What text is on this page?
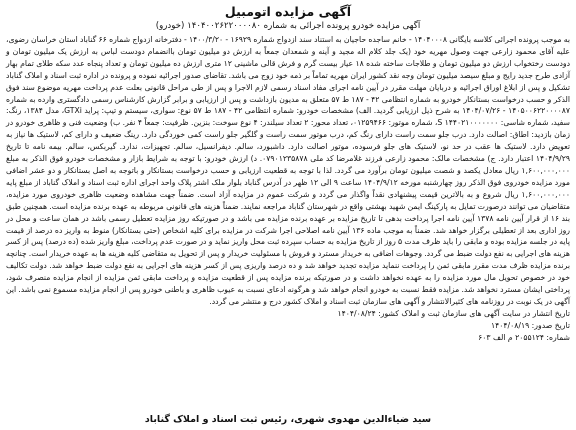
آگهی مزایده اتومبیل

آگهی مزایده خودرو پرونده اجرائی به شماره ۱۴۰۴۰۰۲۶۲۲۰۰۰۰۸۰ (خودرو)

به موجب پرونده اجرائی کلاسه بایگانی ۱۴۰۴۰۰۰۸ - خانم ساجده حاجیان به استناد سند ازدواج شماره ۱۶۹۲۹ - ۱۴۰۰/۳/۲۰ - دفترخانه ازدواج شماره ۶۶ گناباد استان خراسان رضوی، علیه آقای محمود زارعی جهت وصول مهریه خود (یک جلد کلام اله مجید و آینه و شمعدان جمعاً به ارزش دو میلیون تومان باانضمام دودست لباس به ارزش یک میلیون تومان و دودست رختخواب ارزش دو میلیون تومان و طلاجات ساخته شده ۱۸ عیار بیست گرم و فرش قالی ماشینی ۱۲ متری ارزش ده میلیون تومان و تعداد پنجاه عدد سکه طلای تمام بهار آزادی طرح جدید رایج و مبلغ سیصد میلیون تومان وجه نقد کشور ایران مهریه تماماً بر ذمه خود زوج می باشد. تقاضای صدور اجرائیه نموده و پرونده در اداره ثبت اسناد و املاک گناباد تشکیل و پس از ابلاغ اوراق اجرائیه و دربایان مهلت مقرر در آیین نامه اجرای مفاد اسناد رسمی لازم الاجرا و پس از طی مراحل قانونی بعلت عدم پرداخت مهریه موضوع سند فوق الذکر و حسب درخواست بستانکار خودرو به شماره انتظامی ۴۲ - ۱۸۷ ط ۵۷ متعلق به مدیون بازداشت و پس از ارزیابی و برابر گزارش کارشناس رسمی دادگستری وارده به شماره ۱۴۰۵۰۰۶۲۲۰۰۰۰۸۷ - ۱۴۰۴/۰۷/۲۶ به شرح ذیل ارزیابی گردید. الف) مشخصات خودرو: شماره انتظامی ۴۲ - ۱۸۷ ط ۵۷ نوع: سواری، سیستم و تیپ: پراید GTXi، مدل ۱۳۸۴، رنگ: سفید، شماره شاسی: ۱۴۴۰۲۱۰۰۰۰۰۰۰ S، شماره موتور: ۰۱۲۵۹۴۶۶، تعداد محور: ۲ تعداد سیلندر: ۴ نوع سوخت: بنزین. ظرفیت: جمعاً ۴ نفر. ب) وضعیت فنی و ظاهری خودرو در زمان بازدید: اطاق: اصالت دارد. درب جلو سمت راست دارای رنگ کم، درب موتور سمت راست و گلگیر جلو راست کمی خوردگی دارد. رینگ ضعیف و دارای کم، لاستیک ها نیاز به تعویض دارد. لاستیک ها عقب در حد نو، لاستیک های جلو فرسوده، موتور اصالت دارد. داشبورد، سالم. دیفرانسیل، سالم. تجهیزات، ندارد. گیربکس، سالم. بیمه نامه تا تاریخ ۱۴۰۴/۹/۲۹ اعتبار دارد. ج) مشخصات مالک: محمود زارعی فرزند غلامرضا کد ملی ۰۷۹۰۱۲۳۵۸۷۸. د) ارزش خودرو: با توجه به شرایط بازار و مشخصات خودرو فوق الذکر به مبلغ ۱,۶۰۰,۰۰۰,۰۰۰ ریال معادل یکصد و شصت میلیون تومان برآورد می گردد. لذا با توجه به قطعیت ارزیابی و حسب درخواست بستانکار و باتوجه به اصل بستانکار و دو عشر اضافی مورد مزایده خودروی فوق الذکر روز چهارشنبه مورخه ۱۴۰۴/۹/۱۲ ساعت ۹ الی ۱۲ ظهر در آدرس گناباد بلوار ملک اشتر پلاک واحد اجرای اداره ثبت اسناد و املاک گناباد از مبلغ پایه ۱,۶۰۰,۰۰۰,۰۰۰ ریال شروع و به بالاترین قیمت پیشنهادی نقداً واگذار می گردد و شرکت عموم در مزایده آزاد است. ضمناً جهت مشاهده وضعیت ظاهری خودروی مورد مزایده، متقاضیان می توانند درصورت تمایل به پارکینگ ایمن شهید بهشتی واقع در شهرستان گناباد مراجعه نمایند. ضمناً هزینه های قانونی مربوطه به عهده برنده مزایده است. همچنین طبق بند ۱۶ از قرار آیین نامه ۱۳۷۸ آیین نامه اجرا پرداخت بدهی تا تاریخ مزایده بر عهده برنده مزایده می باشد و در صورتیکه روز مزایده تعطیل رسمی باشد در همان ساعت و محل در روز اداری بعد از تعطیلی برگزار خواهد شد. ضمناً به موجب ماده ۱۳۶ آیین نامه اصلاحی اجرا شرکت در مزایده برای کلیه اشخاص (حتی بستانکار) منوط به واریز ده درصد از قیمت پایه در جلسه مزایده بوده و مابقی را باید ظرف مدت ۵ روز از تاریخ مزایده به حساب سپرده ثبت محل واریز نماید و در صورت عدم پرداخت، مبلغ واریز شده (ده درصد) پس از کسر هزینه های اجرایی به نفع دولت ضبط می گردد. وجوهات اضافی به خریدار مسترد و فروش با مسئولیت خریدار و پس از تحویل به متقاضی کلیه هزینه ها به عهده خریدار است. چنانچه برنده مزایده ظرف مدت مقرر مابقی ثمن را پرداخت ننماید مزایده تجدید خواهد شد و ده درصد واریزی پس از کسر هزینه های اجرایی به نفع دولت ضبط خواهد شد. دولت تکالیف خود در خصوص تحویل مال مورد مزایده را به عهده نخواهد داشت و در صورتیکه برنده مزایده پس از قطعیت مزایده و پرداخت مابقی ثمن مزایده از انجام مزایده منصرف شود، پرداختی ایشان مسترد نخواهد شد. مزایده فقط نسبت به خودرو انجام خواهد شد و هرگونه ادعای نسبت به عیوب ظاهری و باطنی خودرو پس از انجام مزایده مسموع نمی باشد. این آگهی در یک نوبت در روزنامه های کثیرالانتشار و آگهی های سازمان ثبت اسناد و املاک کشور درج و منتشر می گردد.

تاریخ انتشار در سایت آگهی های سازمان ثبت و املاک کشور: ۱۴۰۴/۰۸/۲۴

تاریخ صدور: ۱۴۰۴/۰۸/۱۹

شماره: ۲۰۵۵۱۲۴ م الف ۶۰۳

سید ضیاءالدین مهدوی شهری، رئیس ثبت اسناد و املاک گناباد
